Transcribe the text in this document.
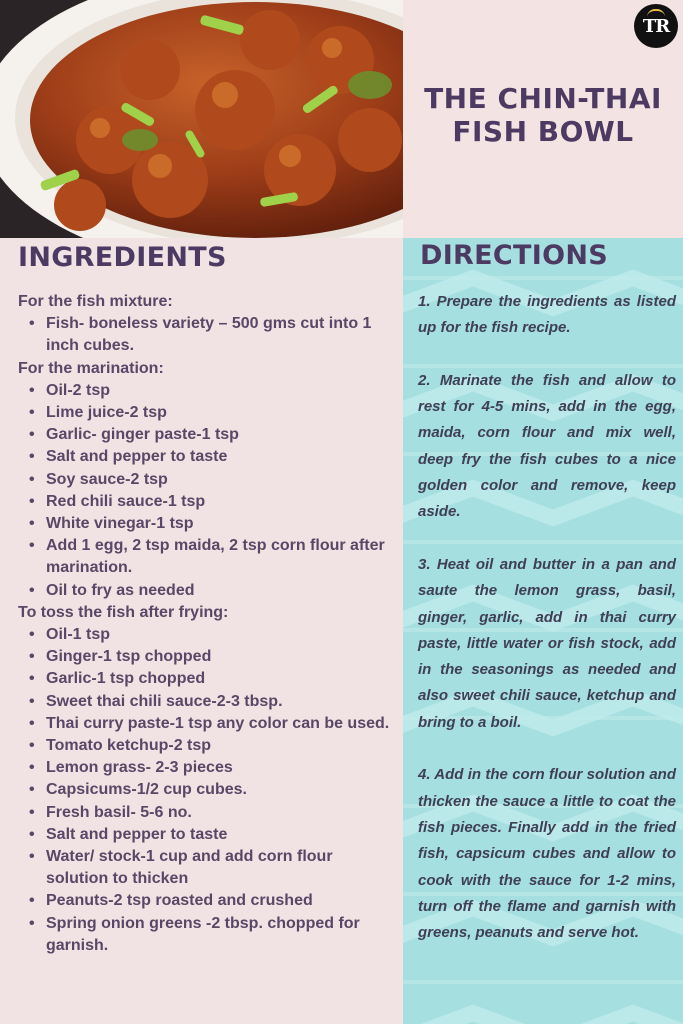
TR
THE CHIN-THAI
FISH BOWL
INGREDIENTS
For the fish mixture:
• Fish- boneless variety – 500 gms cut into 1 inch cubes.
For the marination:
• Oil-2 tsp
• Lime juice-2 tsp
• Garlic- ginger paste-1 tsp
• Salt and pepper to taste
• Soy sauce-2 tsp
• Red chili sauce-1 tsp
• White vinegar-1 tsp
• Add 1 egg, 2 tsp maida, 2 tsp corn flour after marination.
• Oil to fry as needed
To toss the fish after frying:
• Oil-1 tsp
• Ginger-1 tsp chopped
• Garlic-1 tsp chopped
• Sweet thai chili sauce-2-3 tbsp.
• Thai curry paste-1 tsp any color can be used.
• Tomato ketchup-2 tsp
• Lemon grass- 2-3 pieces
• Capsicums-1/2 cup cubes.
• Fresh basil- 5-6 no.
• Salt and pepper to taste
• Water/ stock-1 cup and add corn flour solution to thicken
• Peanuts-2 tsp roasted and crushed
• Spring onion greens -2 tbsp. chopped for garnish.
DIRECTIONS

1. Prepare the ingredients as listed up for the fish recipe.

2. Marinate the fish and allow to rest for 4-5 mins, add in the egg, maida, corn flour and mix well, deep fry the fish cubes to a nice golden color and remove, keep aside.

3. Heat oil and butter in a pan and saute the lemon grass, basil, ginger, garlic, add in thai curry paste, little water or fish stock, add in the seasonings as needed and also sweet chili sauce, ketchup and bring to a boil.

4. Add in the corn flour solution and thicken the sauce a little to coat the fish pieces. Finally add in the fried fish, capsicum cubes and allow to cook with the sauce for 1-2 mins, turn off the flame and garnish with greens, peanuts and serve hot.
